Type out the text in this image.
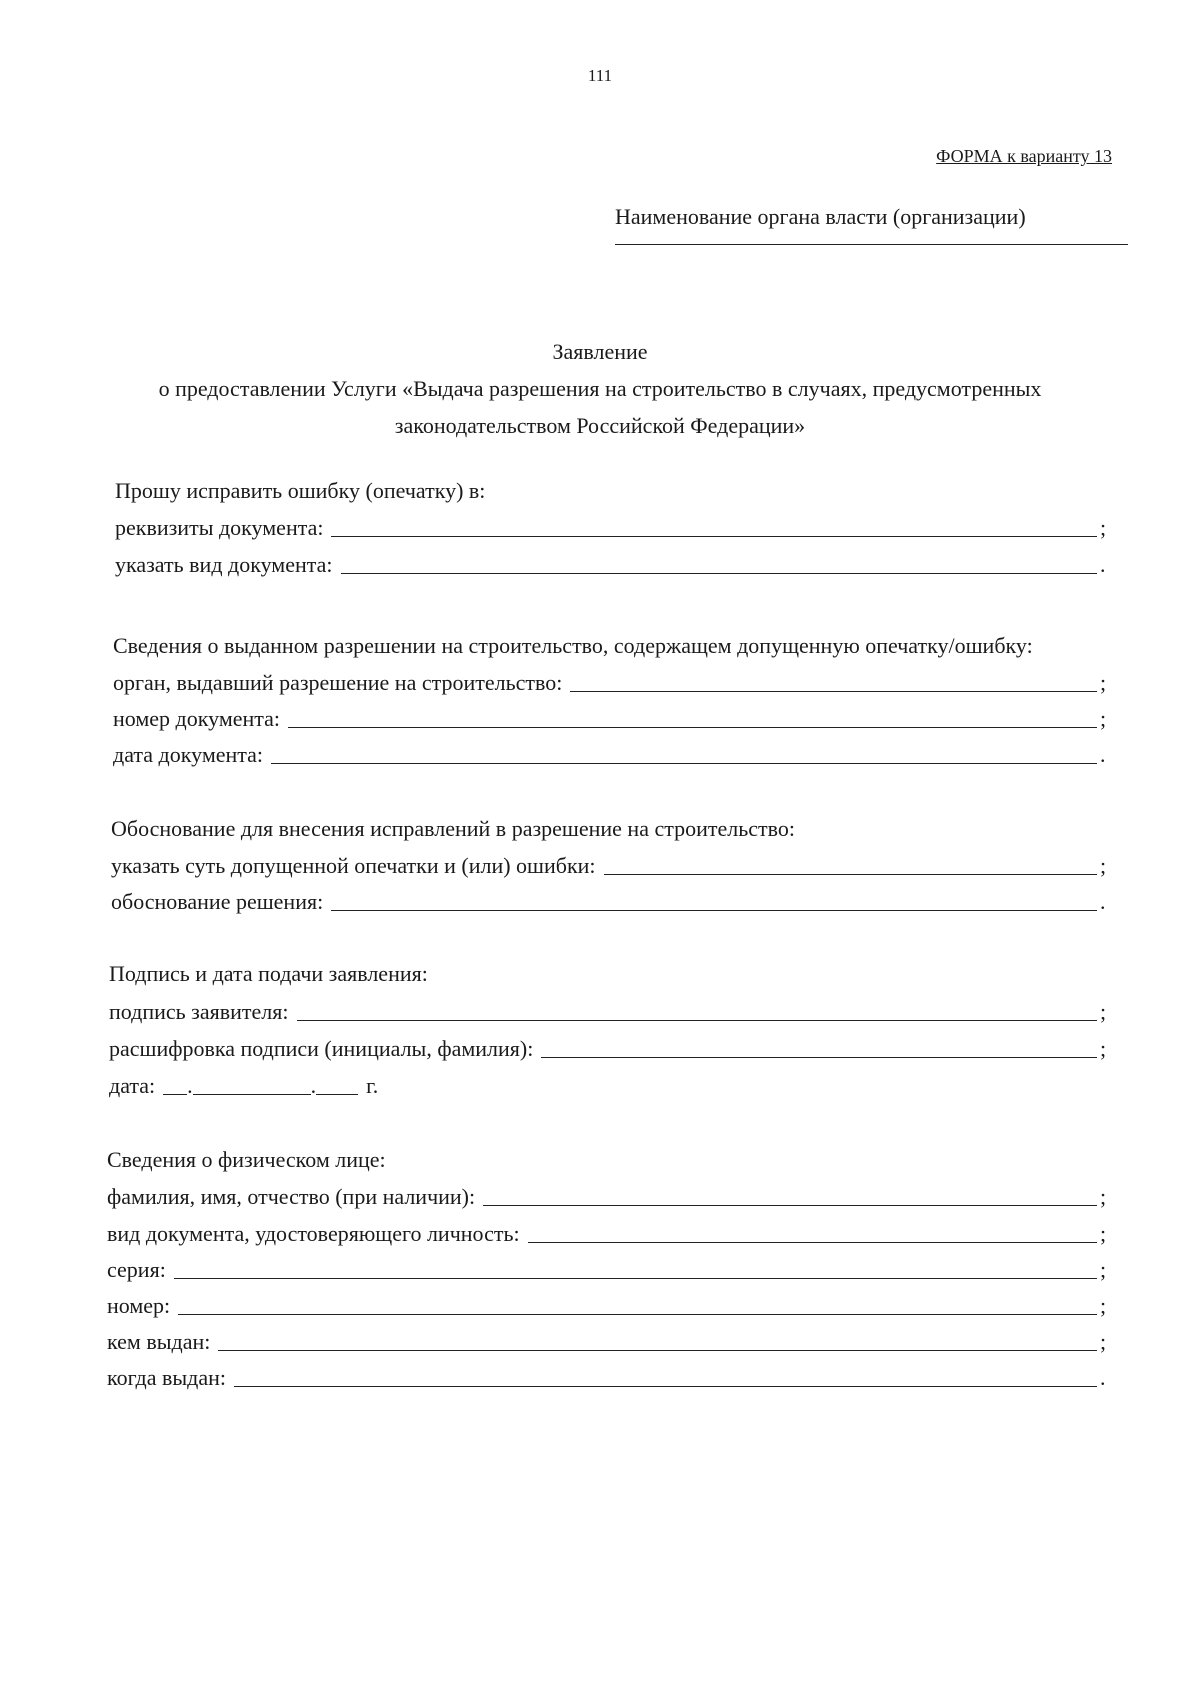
111
ФОРМА к варианту 13
Наименование органа власти (организации)
Заявление
о предоставлении Услуги «Выдача разрешения на строительство в случаях, предусмотренных
законодательством Российской Федерации»
Прошу исправить ошибку (опечатку) в:
реквизиты документа:	;
указать вид документа:	.
Сведения о выданном разрешении на строительство, содержащем допущенную опечатку/ошибку:
орган, выдавший разрешение на строительство:	;
номер документа:	;
дата документа:	.
Обоснование для внесения исправлений в разрешение на строительство:
указать суть допущенной опечатки и (или) ошибки:	;
обоснование решения:	.
Подпись и дата подачи заявления:
подпись заявителя:	;
расшифровка подписи (инициалы, фамилия):	;
дата: .	.	г.
Сведения о физическом лице:
фамилия, имя, отчество (при наличии):	;
вид документа, удостоверяющего личность:	;
серия:	;
номер:	;
кем выдан:	;
когда выдан:	.
